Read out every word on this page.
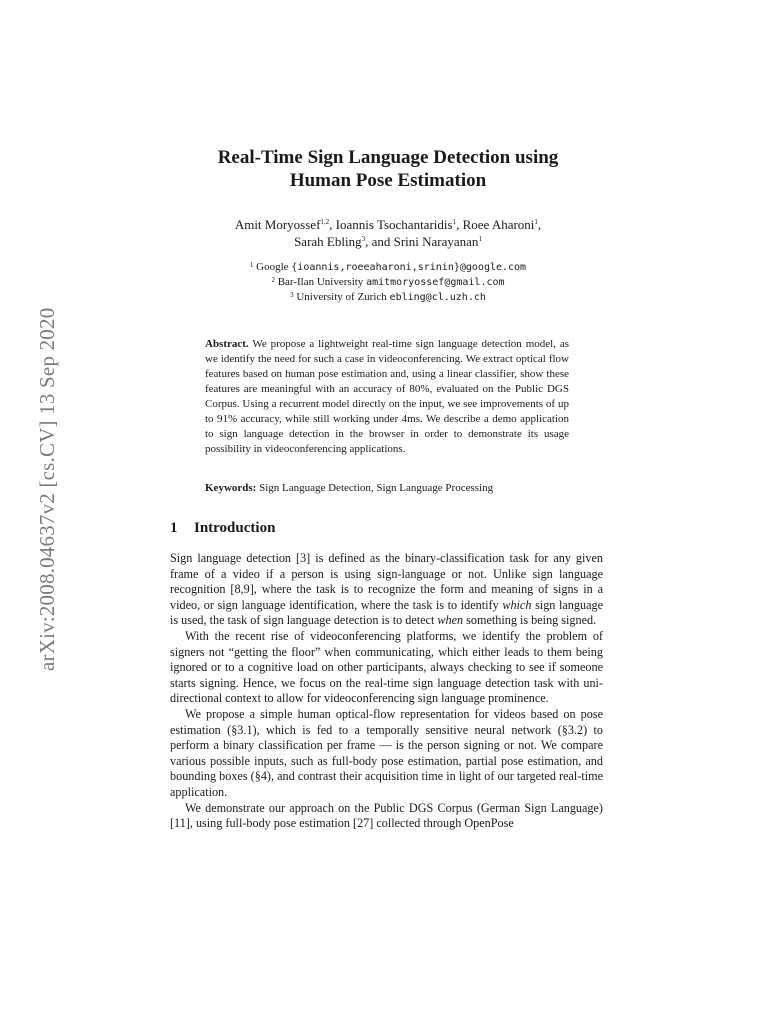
arXiv:2008.04637v2 [cs.CV] 13 Sep 2020
Real-Time Sign Language Detection using
Human Pose Estimation
Amit Moryossef$^{1,2}$, Ioannis Tsochantaridis$^1$, Roee Aharoni$^1$,
Sarah Ebling$^3$, and Srini Narayanan$^1$
$^1$ Google {ioannis,roeeaharoni,srinin}@google.com
$^2$ Bar-Ilan University amitmoryossef@gmail.com
$^3$ University of Zurich ebling@cl.uzh.ch
Abstract. We propose a lightweight real-time sign language detection model, as we identify the need for such a case in videoconferencing. We extract optical flow features based on human pose estimation and, using a linear classifier, show these features are meaningful with an accuracy of 80%, evaluated on the Public DGS Corpus. Using a recurrent model directly on the input, we see improvements of up to 91% accuracy, while still working under 4ms. We describe a demo application to sign language detection in the browser in order to demonstrate its usage possibility in videoconferencing applications.
Keywords: Sign Language Detection, Sign Language Processing
1 Introduction

Sign language detection [3] is defined as the binary-classification task for any given frame of a video if a person is using sign-language or not. Unlike sign language recognition [8,9], where the task is to recognize the form and meaning of signs in a video, or sign language identification, where the task is to identify which sign language is used, the task of sign language detection is to detect when something is being signed.

With the recent rise of videoconferencing platforms, we identify the problem of signers not “getting the floor” when communicating, which either leads to them being ignored or to a cognitive load on other participants, always checking to see if someone starts signing. Hence, we focus on the real-time sign language detection task with uni-directional context to allow for videoconferencing sign language prominence.

We propose a simple human optical-flow representation for videos based on pose estimation (§3.1), which is fed to a temporally sensitive neural network (§3.2) to perform a binary classification per frame — is the person signing or not. We compare various possible inputs, such as full-body pose estimation, partial pose estimation, and bounding boxes (§4), and contrast their acquisition time in light of our targeted real-time application.

We demonstrate our approach on the Public DGS Corpus (German Sign Language) [11], using full-body pose estimation [27] collected through OpenPose
